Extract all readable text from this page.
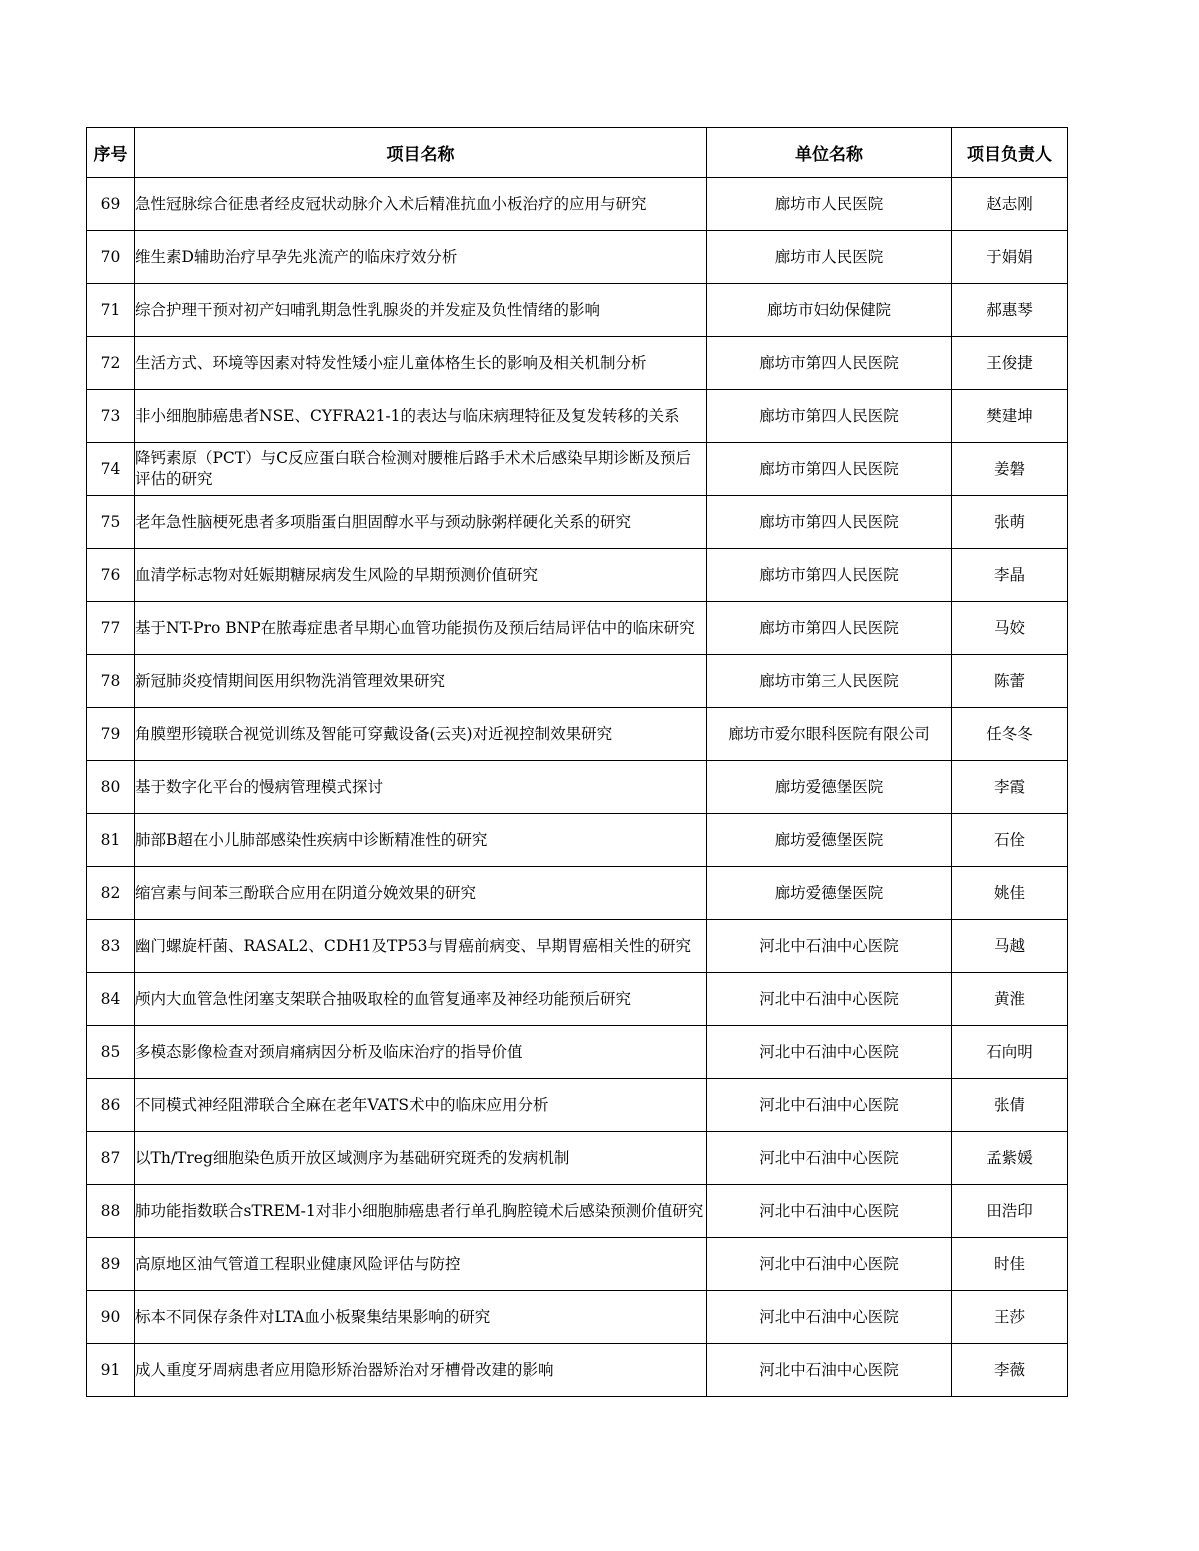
序号	项目名称	单位名称	项目负责人
69	急性冠脉综合征患者经皮冠状动脉介入术后精准抗血小板治疗的应用与研究	廊坊市人民医院	赵志刚
70	维生素D辅助治疗早孕先兆流产的临床疗效分析	廊坊市人民医院	于娟娟
71	综合护理干预对初产妇哺乳期急性乳腺炎的并发症及负性情绪的影响	廊坊市妇幼保健院	郝惠琴
72	生活方式、环境等因素对特发性矮小症儿童体格生长的影响及相关机制分析	廊坊市第四人民医院	王俊捷
73	非小细胞肺癌患者NSE、CYFRA21-1的表达与临床病理特征及复发转移的关系	廊坊市第四人民医院	樊建坤
74	降钙素原（PCT）与C反应蛋白联合检测对腰椎后路手术术后感染早期诊断及预后评估的研究	廊坊市第四人民医院	姜磐
75	老年急性脑梗死患者多项脂蛋白胆固醇水平与颈动脉粥样硬化关系的研究	廊坊市第四人民医院	张萌
76	血清学标志物对妊娠期糖尿病发生风险的早期预测价值研究	廊坊市第四人民医院	李晶
77	基于NT-Pro BNP在脓毒症患者早期心血管功能损伤及预后结局评估中的临床研究	廊坊市第四人民医院	马姣
78	新冠肺炎疫情期间医用织物洗消管理效果研究	廊坊市第三人民医院	陈蕾
79	角膜塑形镜联合视觉训练及智能可穿戴设备(云夹)对近视控制效果研究	廊坊市爱尔眼科医院有限公司	任冬冬
80	基于数字化平台的慢病管理模式探讨	廊坊爱德堡医院	李霞
81	肺部B超在小儿肺部感染性疾病中诊断精准性的研究	廊坊爱德堡医院	石佺
82	缩宫素与间苯三酚联合应用在阴道分娩效果的研究	廊坊爱德堡医院	姚佳
83	幽门螺旋杆菌、RASAL2、CDH1及TP53与胃癌前病变、早期胃癌相关性的研究	河北中石油中心医院	马越
84	颅内大血管急性闭塞支架联合抽吸取栓的血管复通率及神经功能预后研究	河北中石油中心医院	黄淮
85	多模态影像检查对颈肩痛病因分析及临床治疗的指导价值	河北中石油中心医院	石向明
86	不同模式神经阻滞联合全麻在老年VATS术中的临床应用分析	河北中石油中心医院	张倩
87	以Th/Treg细胞染色质开放区域测序为基础研究斑秃的发病机制	河北中石油中心医院	孟紫媛
88	肺功能指数联合sTREM-1对非小细胞肺癌患者行单孔胸腔镜术后感染预测价值研究	河北中石油中心医院	田浩印
89	高原地区油气管道工程职业健康风险评估与防控	河北中石油中心医院	时佳
90	标本不同保存条件对LTA血小板聚集结果影响的研究	河北中石油中心医院	王莎
91	成人重度牙周病患者应用隐形矫治器矫治对牙槽骨改建的影响	河北中石油中心医院	李薇
